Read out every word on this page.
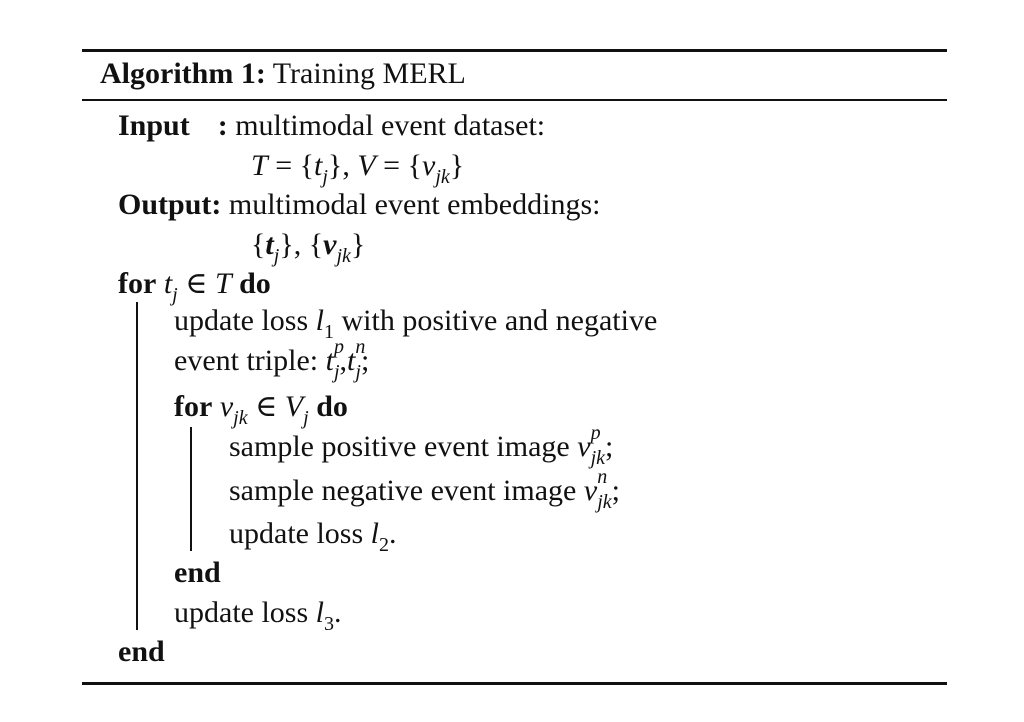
Algorithm 1: Training MERL
Input : multimodal event dataset:
$T = \{t_j\}$, $V = \{v_{jk}\}$
Output: multimodal event embeddings:
$\{t_j\}$, $\{v_{jk}\}$
for $t_j$ ∈ T do
update loss $l_1$ with positive and negative
event triple: t p
j,t n
j;
for $v_{jk}$ ∈ $V_j$ do
sample positive event image v p
jk;
sample negative event image v n
jk;
update loss $l_2$.
end
update loss $l_3$.
end
